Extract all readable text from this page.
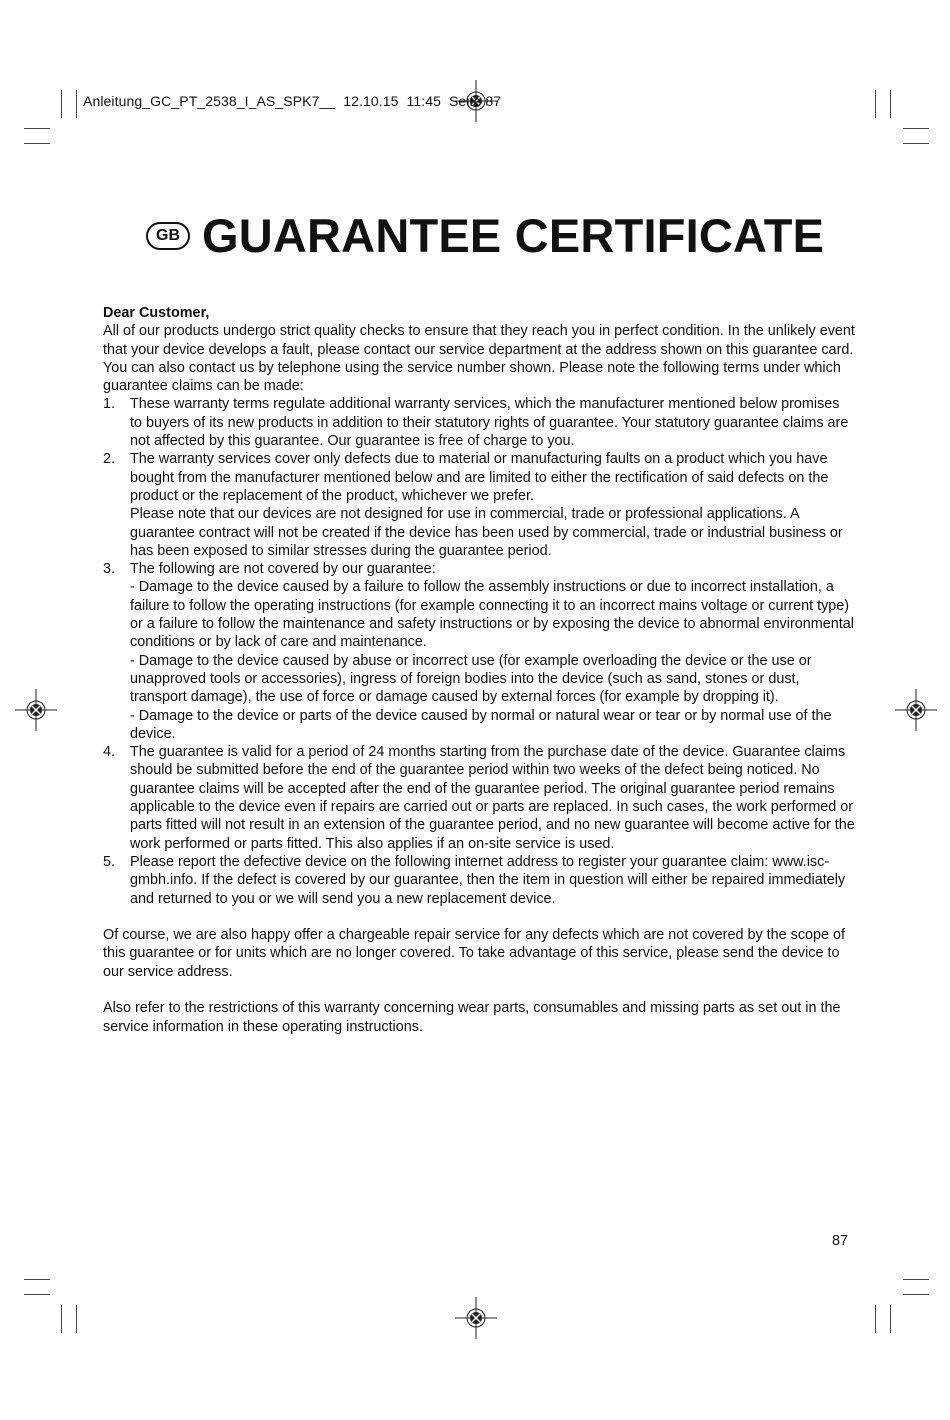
Anleitung_GC_PT_2538_I_AS_SPK7__  12.10.15  11:45  Seite 87
GB GUARANTEE CERTIFICATE

Dear Customer,

All of our products undergo strict quality checks to ensure that they reach you in perfect condition. In the unlikely event that your device develops a fault, please contact our service department at the address shown on this guarantee card. You can also contact us by telephone using the service number shown. Please note the following terms under which guarantee claims can be made:

1. These warranty terms regulate additional warranty services, which the manufacturer mentioned below promises to buyers of its new products in addition to their statutory rights of guarantee. Your statutory guarantee claims are not affected by this guarantee. Our guarantee is free of charge to you.

2. The warranty services cover only defects due to material or manufacturing faults on a product which you have bought from the manufacturer mentioned below and are limited to either the rectification of said defects on the product or the replacement of the product, whichever we prefer.

Please note that our devices are not designed for use in commercial, trade or professional applications. A guarantee contract will not be created if the device has been used by commercial, trade or industrial business or has been exposed to similar stresses during the guarantee period.

3. The following are not covered by our guarantee:

- Damage to the device caused by a failure to follow the assembly instructions or due to incorrect installation, a failure to follow the operating instructions (for example connecting it to an incorrect mains voltage or current type) or a failure to follow the maintenance and safety instructions or by exposing the device to abnormal environmental conditions or by lack of care and maintenance.

- Damage to the device caused by abuse or incorrect use (for example overloading the device or the use or unapproved tools or accessories), ingress of foreign bodies into the device (such as sand, stones or dust, transport damage), the use of force or damage caused by external forces (for example by dropping it).

- Damage to the device or parts of the device caused by normal or natural wear or tear or by normal use of the device.

4. The guarantee is valid for a period of 24 months starting from the purchase date of the device. Guarantee claims should be submitted before the end of the guarantee period within two weeks of the defect being noticed. No guarantee claims will be accepted after the end of the guarantee period. The original guarantee period remains applicable to the device even if repairs are carried out or parts are replaced. In such cases, the work performed or parts fitted will not result in an extension of the guarantee period, and no new guarantee will become active for the work performed or parts fitted. This also applies if an on-site service is used.

5. Please report the defective device on the following internet address to register your guarantee claim: www.isc-gmbh.info. If the defect is covered by our guarantee, then the item in question will either be repaired immediately and returned to you or we will send you a new replacement device.

Of course, we are also happy offer a chargeable repair service for any defects which are not covered by the scope of this guarantee or for units which are no longer covered. To take advantage of this service, please send the device to our service address.

Also refer to the restrictions of this warranty concerning wear parts, consumables and missing parts as set out in the service information in these operating instructions.

87
